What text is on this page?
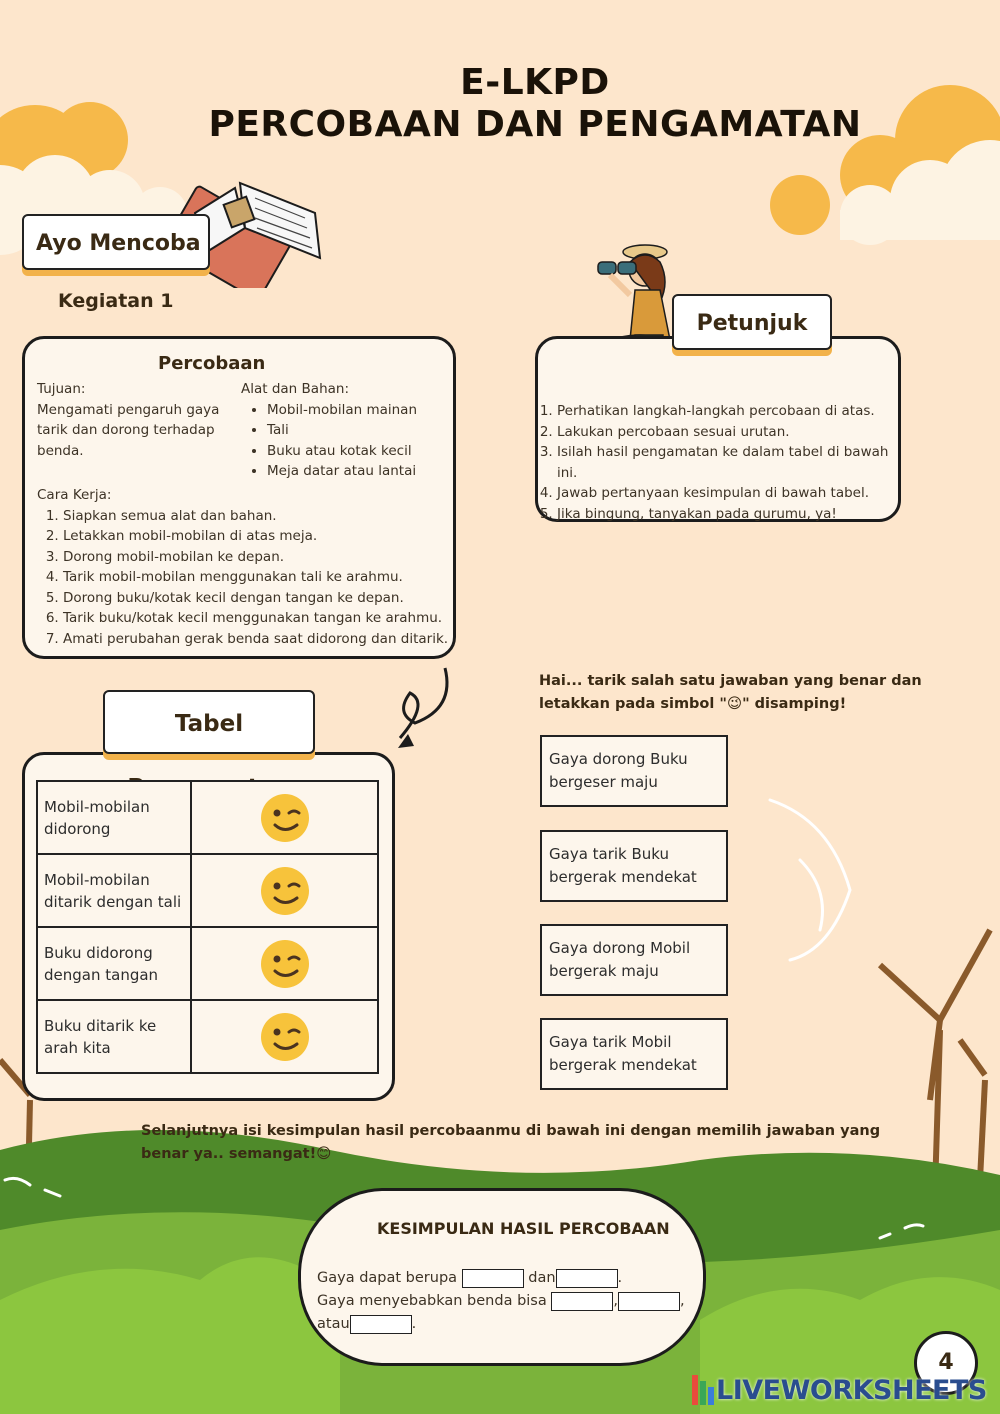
E-LKPD
PERCOBAAN DAN PENGAMATAN
Ayo Mencoba
Kegiatan 1
Percobaan
Tujuan:
Mengamati pengaruh gaya tarik dan dorong terhadap benda.
Alat dan Bahan:
• Mobil-mobilan mainan
• Tali
• Buku atau kotak kecil
• Meja datar atau lantai
Cara Kerja:
1. Siapkan semua alat dan bahan.
2. Letakkan mobil-mobilan di atas meja.
3. Dorong mobil-mobilan ke depan.
4. Tarik mobil-mobilan menggunakan tali ke arahmu.
5. Dorong buku/kotak kecil dengan tangan ke depan.
6. Tarik buku/kotak kecil menggunakan tangan ke arahmu.
7. Amati perubahan gerak benda saat didorong dan ditarik.
1. Perhatikan langkah-langkah percobaan di atas.
2. Lakukan percobaan sesuai urutan.
3. Isilah hasil pengamatan ke dalam tabel di bawah ini.
4. Jawab pertanyaan kesimpulan di bawah tabel.
5. Jika bingung, tanyakan pada gurumu, ya!
Petunjuk
Tabel
Mobil-mobilan didorong	

Mobil-mobilan ditarik dengan tali	

Buku didorong dengan tangan	

Buku ditarik ke arah kita	
Hai... tarik salah satu jawaban yang benar dan letakkan pada simbol "😉" disamping!
Gaya dorong Buku bergeser maju
Gaya tarik Buku bergerak mendekat
Gaya dorong Mobil bergerak maju
Gaya tarik Mobil bergerak mendekat
Selanjutnya isi kesimpulan hasil percobaanmu di bawah ini dengan memilih jawaban yang benar ya.. semangat!😊
KESIMPULAN HASIL PERCOBAAN
Gaya dapat berupa	dan	.
Gaya menyebabkan benda bisa	,	,
atau	.
4
LIVEWORKSHEETS
